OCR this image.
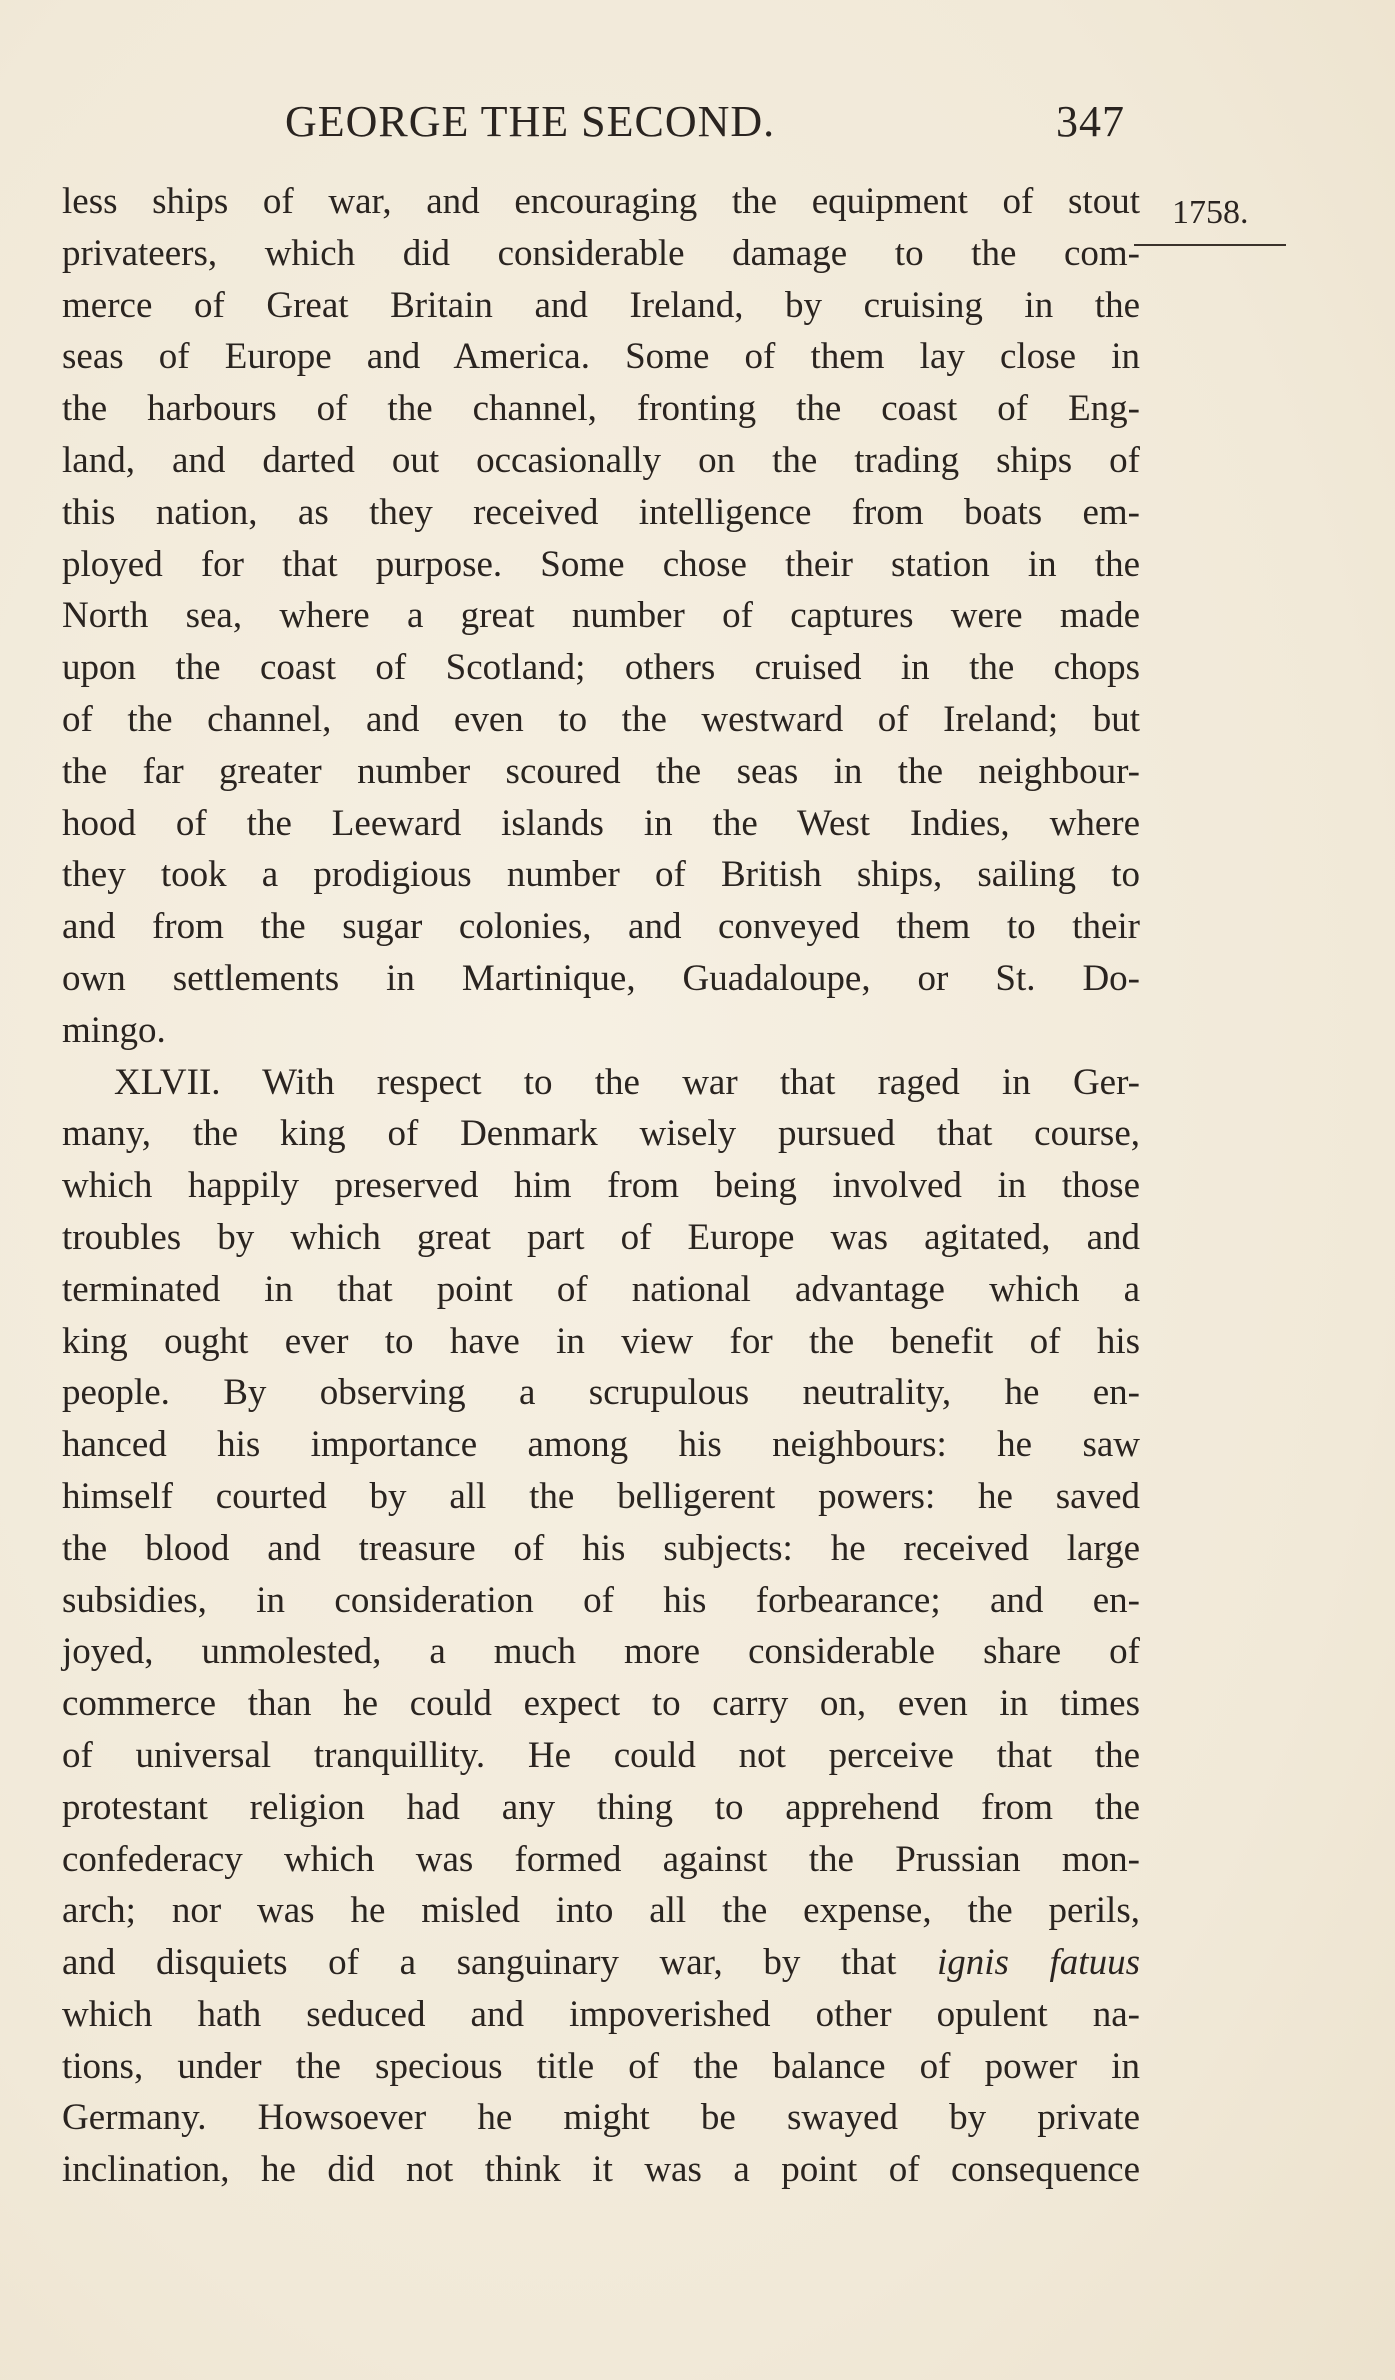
GEORGE THE SECOND.	347
1758.
less ships of war, and encouraging the equipment of stout
privateers, which did considerable damage to the com-
merce of Great Britain and Ireland, by cruising in the
seas of Europe and America. Some of them lay close in
the harbours of the channel, fronting the coast of Eng-
land, and darted out occasionally on the trading ships of
this nation, as they received intelligence from boats em-
ployed for that purpose. Some chose their station in the
North sea, where a great number of captures were made
upon the coast of Scotland; others cruised in the chops
of the channel, and even to the westward of Ireland; but
the far greater number scoured the seas in the neighbour-
hood of the Leeward islands in the West Indies, where
they took a prodigious number of British ships, sailing to
and from the sugar colonies, and conveyed them to their
own settlements in Martinique, Guadaloupe, or St. Do-
mingo.
XLVII. With respect to the war that raged in Ger-
many, the king of Denmark wisely pursued that course,
which happily preserved him from being involved in those
troubles by which great part of Europe was agitated, and
terminated in that point of national advantage which a
king ought ever to have in view for the benefit of his
people. By observing a scrupulous neutrality, he en-
hanced his importance among his neighbours: he saw
himself courted by all the belligerent powers: he saved
the blood and treasure of his subjects: he received large
subsidies, in consideration of his forbearance; and en-
joyed, unmolested, a much more considerable share of
commerce than he could expect to carry on, even in times
of universal tranquillity. He could not perceive that the
protestant religion had any thing to apprehend from the
confederacy which was formed against the Prussian mon-
arch; nor was he misled into all the expense, the perils,
and disquiets of a sanguinary war, by that ignis fatuus
which hath seduced and impoverished other opulent na-
tions, under the specious title of the balance of power in
Germany. Howsoever he might be swayed by private
inclination, he did not think it was a point of consequence
